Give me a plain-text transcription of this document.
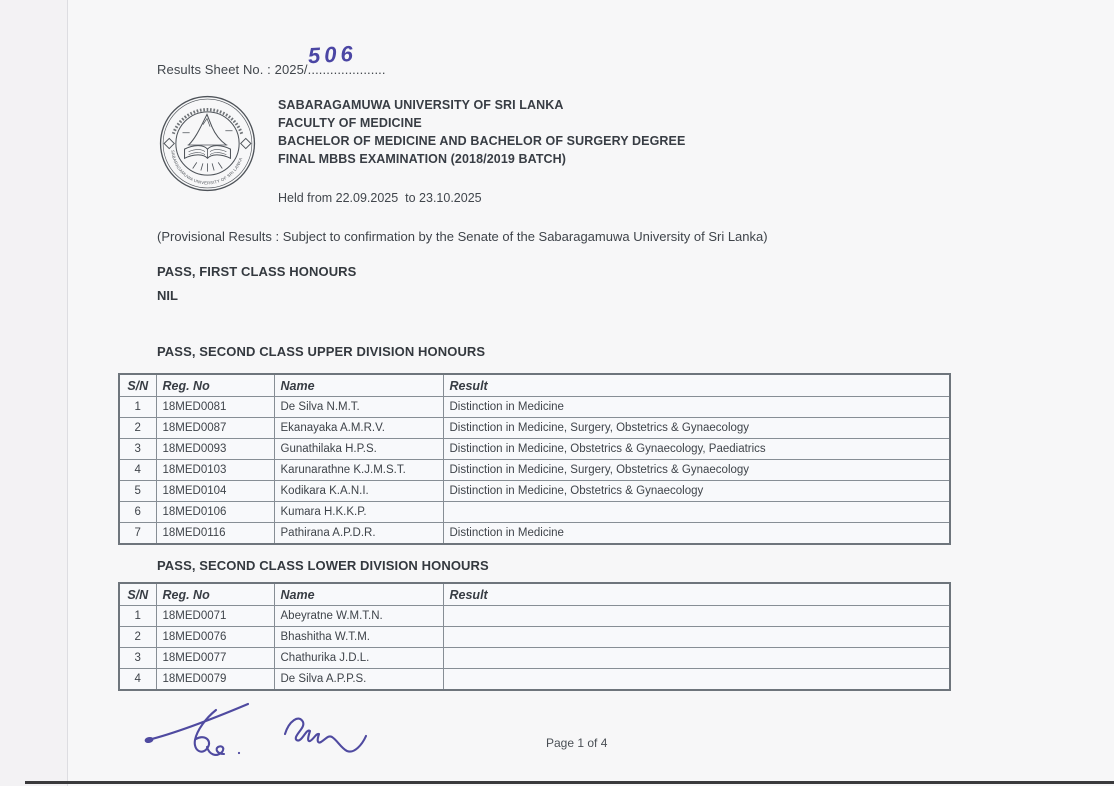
Results Sheet No. : 2025/.....................
506
SABARAGAMUWA UNIVERSITY OF SRI LANKA
SABARAGAMUWA UNIVERSITY OF SRI LANKA
FACULTY OF MEDICINE
BACHELOR OF MEDICINE AND BACHELOR OF SURGERY DEGREE
FINAL MBBS EXAMINATION (2018/2019 BATCH)
Held from 22.09.2025  to 23.10.2025
(Provisional Results : Subject to confirmation by the Senate of the Sabaragamuwa University of Sri Lanka)
PASS, FIRST CLASS HONOURS
NIL
PASS, SECOND CLASS UPPER DIVISION HONOURS
S/N	Reg. No	Name	Result
1	18MED0081	De Silva N.M.T.	Distinction in Medicine
2	18MED0087	Ekanayaka A.M.R.V.	Distinction in Medicine, Surgery, Obstetrics & Gynaecology
3	18MED0093	Gunathilaka H.P.S.	Distinction in Medicine, Obstetrics & Gynaecology, Paediatrics
4	18MED0103	Karunarathne K.J.M.S.T.	Distinction in Medicine, Surgery, Obstetrics & Gynaecology
5	18MED0104	Kodikara K.A.N.I.	Distinction in Medicine, Obstetrics & Gynaecology
6	18MED0106	Kumara H.K.K.P.	
7	18MED0116	Pathirana A.P.D.R.	Distinction in Medicine
PASS, SECOND CLASS LOWER DIVISION HONOURS
S/N	Reg. No	Name	Result
1	18MED0071	Abeyratne W.M.T.N.	
2	18MED0076	Bhashitha W.T.M.	
3	18MED0077	Chathurika J.D.L.	
4	18MED0079	De Silva A.P.P.S.	
Page 1 of 4
